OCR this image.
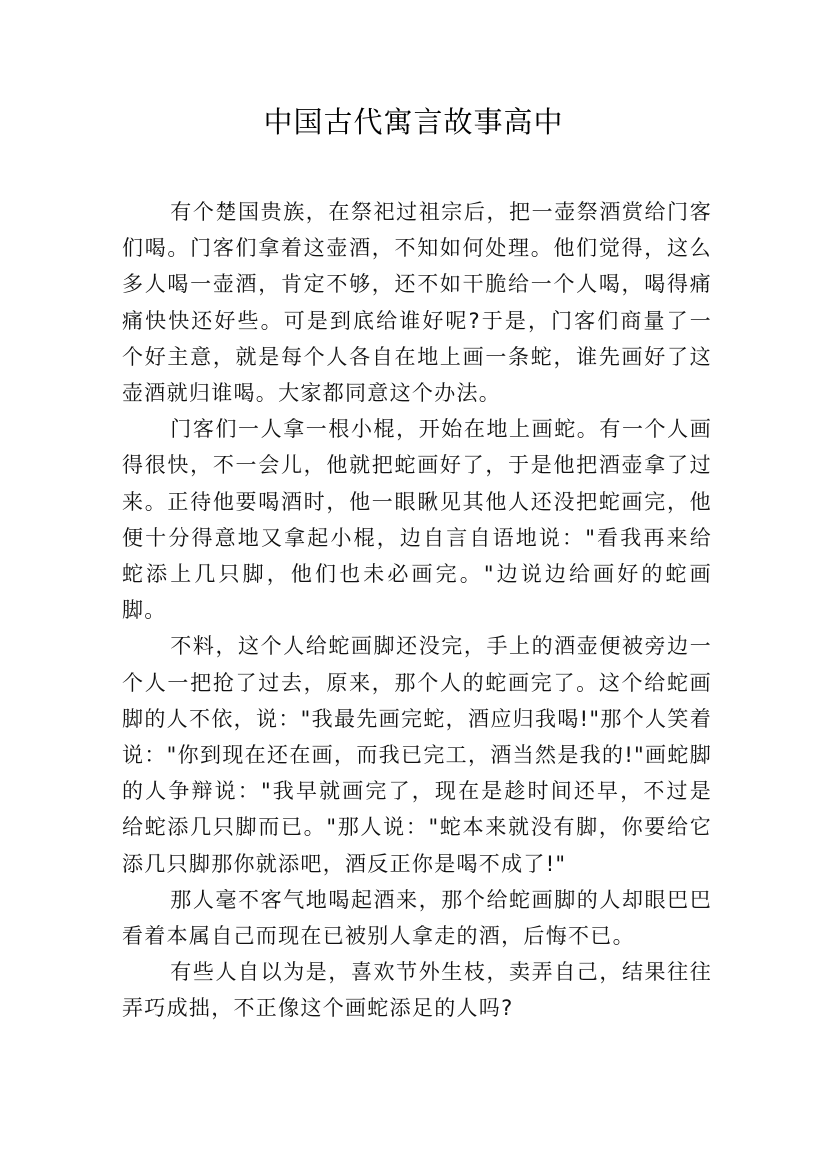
中国古代寓言故事高中

有个楚国贵族，在祭祀过祖宗后，把一壶祭酒赏给门客们喝。门客们拿着这壶酒，不知如何处理。他们觉得，这么多人喝一壶酒，肯定不够，还不如干脆给一个人喝，喝得痛痛快快还好些。可是到底给谁好呢?于是，门客们商量了一个好主意，就是每个人各自在地上画一条蛇，谁先画好了这壶酒就归谁喝。大家都同意这个办法。

门客们一人拿一根小棍，开始在地上画蛇。有一个人画得很快，不一会儿，他就把蛇画好了，于是他把酒壶拿了过来。正待他要喝酒时，他一眼瞅见其他人还没把蛇画完，他便十分得意地又拿起小棍，边自言自语地说："看我再来给蛇添上几只脚，他们也未必画完。"边说边给画好的蛇画脚。

不料，这个人给蛇画脚还没完，手上的酒壶便被旁边一个人一把抢了过去，原来，那个人的蛇画完了。这个给蛇画脚的人不依，说："我最先画完蛇，酒应归我喝!"那个人笑着说："你到现在还在画，而我已完工，酒当然是我的!"画蛇脚的人争辩说："我早就画完了，现在是趁时间还早，不过是给蛇添几只脚而已。"那人说："蛇本来就没有脚，你要给它添几只脚那你就添吧，酒反正你是喝不成了!"

那人毫不客气地喝起酒来，那个给蛇画脚的人却眼巴巴看着本属自己而现在已被别人拿走的酒，后悔不已。

有些人自以为是，喜欢节外生枝，卖弄自己，结果往往弄巧成拙，不正像这个画蛇添足的人吗?
